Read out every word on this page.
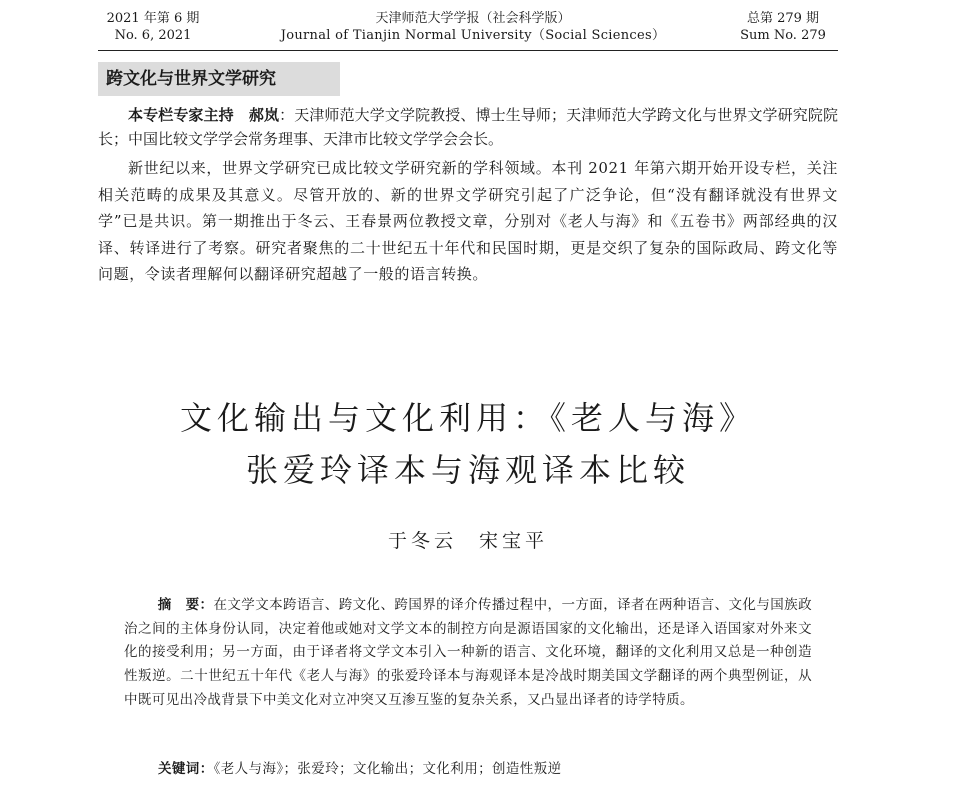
2021 年第 6 期
No. 6, 2021
天津师范大学学报（社会科学版）
Journal of Tianjin Normal University（Social Sciences）
总第 279 期
Sum No. 279
跨文化与世界文学研究
本专栏专家主持　郝岚：天津师范大学文学院教授、博士生导师；天津师范大学跨文化与世界文学研究院院长；中国比较文学学会常务理事、天津市比较文学学会会长。
新世纪以来，世界文学研究已成比较文学研究新的学科领域。本刊 2021 年第六期开始开设专栏，关注相关范畴的成果及其意义。尽管开放的、新的世界文学研究引起了广泛争论，但“没有翻译就没有世界文学”已是共识。第一期推出于冬云、王春景两位教授文章，分别对《老人与海》和《五卷书》两部经典的汉译、转译进行了考察。研究者聚焦的二十世纪五十年代和民国时期，更是交织了复杂的国际政局、跨文化等问题，令读者理解何以翻译研究超越了一般的语言转换。
文化输出与文化利用：《老人与海》
张爱玲译本与海观译本比较
于冬云 宋宝平
摘　要：在文学文本跨语言、跨文化、跨国界的译介传播过程中，一方面，译者在两种语言、文化与国族政治之间的主体身份认同，决定着他或她对文学文本的制控方向是源语国家的文化输出，还是译入语国家对外来文化的接受利用；另一方面，由于译者将文学文本引入一种新的语言、文化环境，翻译的文化利用又总是一种创造性叛逆。二十世纪五十年代《老人与海》的张爱玲译本与海观译本是冷战时期美国文学翻译的两个典型例证，从中既可见出冷战背景下中美文化对立冲突又互渗互鉴的复杂关系，又凸显出译者的诗学特质。
关键词：《老人与海》；张爱玲；文化输出；文化利用；创造性叛逆
